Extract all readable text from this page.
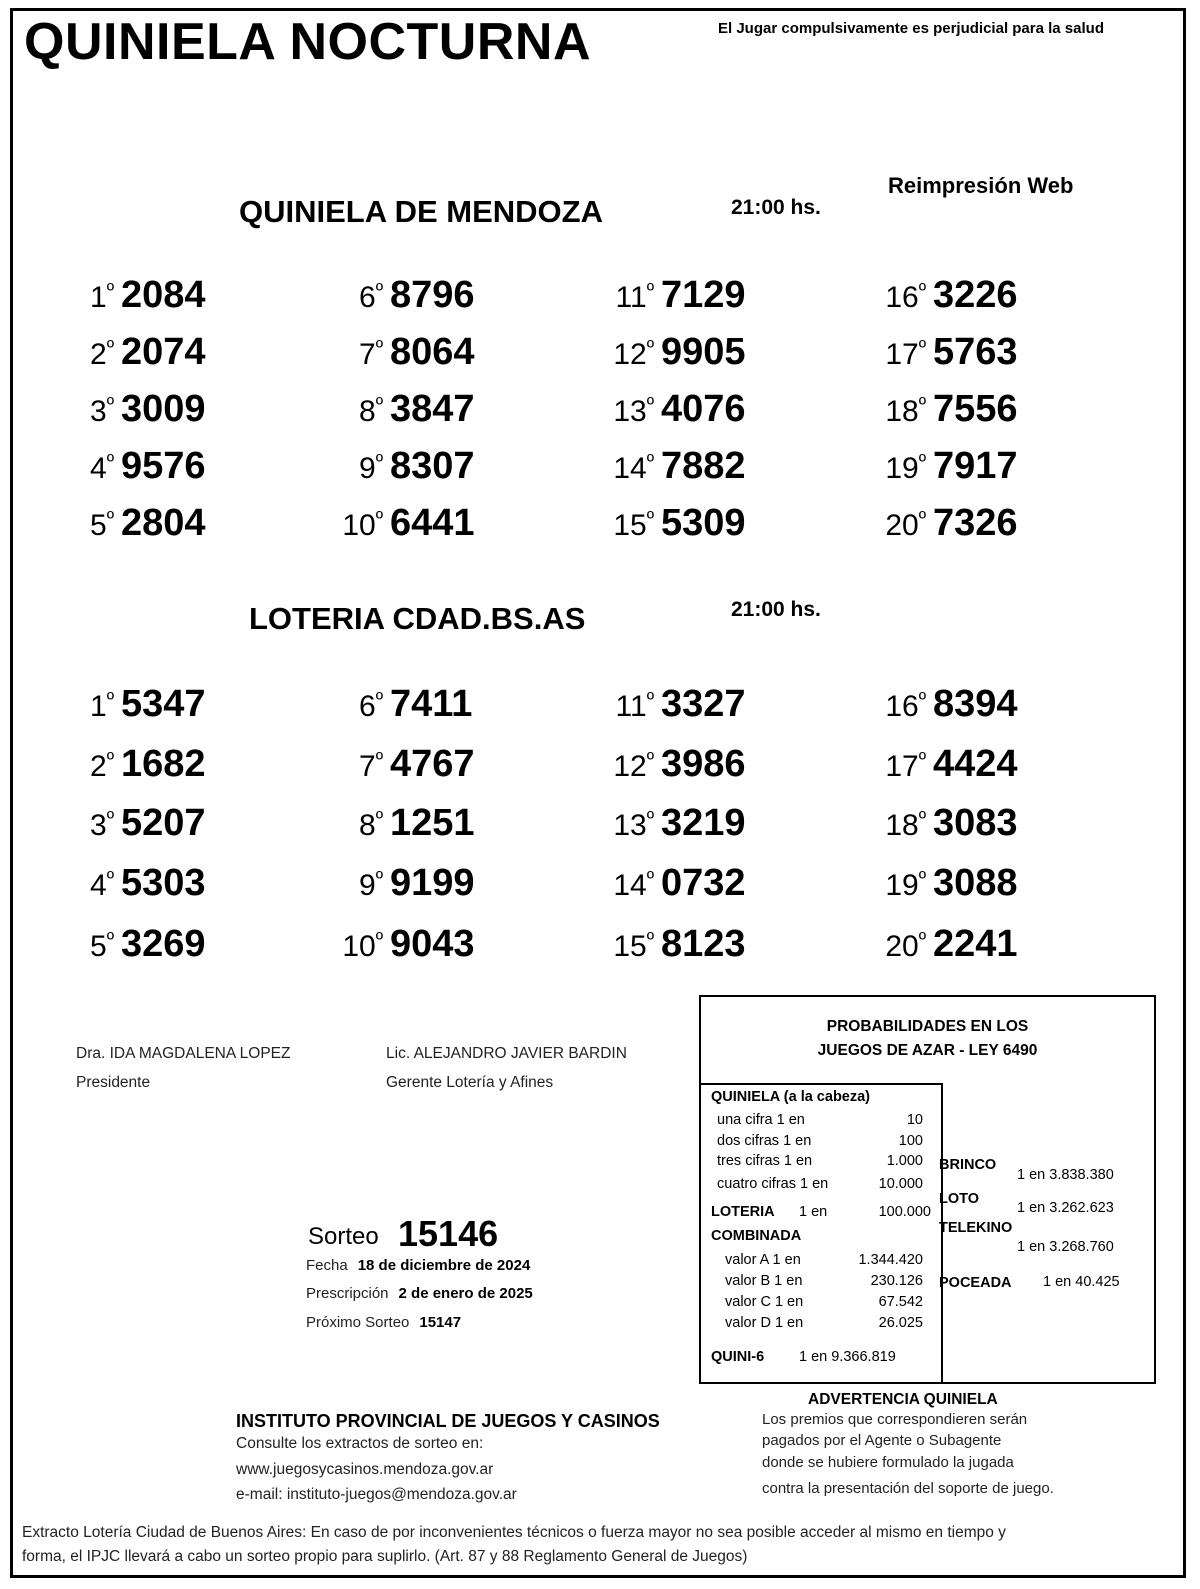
QUINIELA NOCTURNA	El Jugar compulsivamente es perjudicial para la salud
Reimpresión Web
QUINIELA DE MENDOZA	21:00 hs.
$1^º$ 2084
$2^º$ 2074
$3^º$ 3009
$4^º$ 9576
$5^º$ 2804
$6^º$ 8796
$7^º$ 8064
$8^º$ 3847
$9^º$ 8307
$10^º$ 6441
$11^º$ 7129
$12^º$ 9905
$13^º$ 4076
$14^º$ 7882
$15^º$ 5309
$16^º$ 3226
$17^º$ 5763
$18^º$ 7556
$19^º$ 7917
$20^º$ 7326
LOTERIA CDAD.BS.AS	21:00 hs.
$1^º$ 5347
$2^º$ 1682
$3^º$ 5207
$4^º$ 5303
$5^º$ 3269
$6^º$ 7411
$7^º$ 4767
$8^º$ 1251
$9^º$ 9199
$10^º$ 9043
$11^º$ 3327
$12^º$ 3986
$13^º$ 3219
$14^º$ 0732
$15^º$ 8123
$16^º$ 8394
$17^º$ 4424
$18^º$ 3083
$19^º$ 3088
$20^º$ 2241
Dra. IDA MAGDALENA LOPEZ
Presidente
Lic. ALEJANDRO JAVIER BARDIN
Gerente Lotería y Afines
Sorteo 15146
Fecha 18 de diciembre de 2024
Prescripción 2 de enero de 2025
Próximo Sorteo 15147
PROBABILIDADES EN LOS
JUEGOS DE AZAR - LEY 6490
QUINIELA (a la cabeza)
una cifra 1 en	10
dos cifras 1 en	100
tres cifras 1 en	1.000
cuatro cifras 1 en	10.000
LOTERIA 1 en	100.000
COMBINADA
valor A 1 en	1.344.420
valor B 1 en	230.126
valor C 1 en	67.542
valor D 1 en	26.025
QUINI-6 1 en 9.366.819
BRINCO
1 en 3.838.380
LOTO
1 en 3.262.623
TELEKINO
1 en 3.268.760
POCEADA 1 en 40.425
INSTITUTO PROVINCIAL DE JUEGOS Y CASINOS
Consulte los extractos de sorteo en:
www.juegosycasinos.mendoza.gov.ar
e-mail: instituto-juegos@mendoza.gov.ar
ADVERTENCIA QUINIELA
Los premios que correspondieren serán
pagados por el Agente o Subagente
donde se hubiere formulado la jugada
contra la presentación del soporte de juego.
Extracto Lotería Ciudad de Buenos Aires: En caso de por inconvenientes técnicos o fuerza mayor no sea posible acceder al mismo en tiempo y
forma, el IPJC llevará a cabo un sorteo propio para suplirlo. (Art. 87 y 88 Reglamento General de Juegos)
